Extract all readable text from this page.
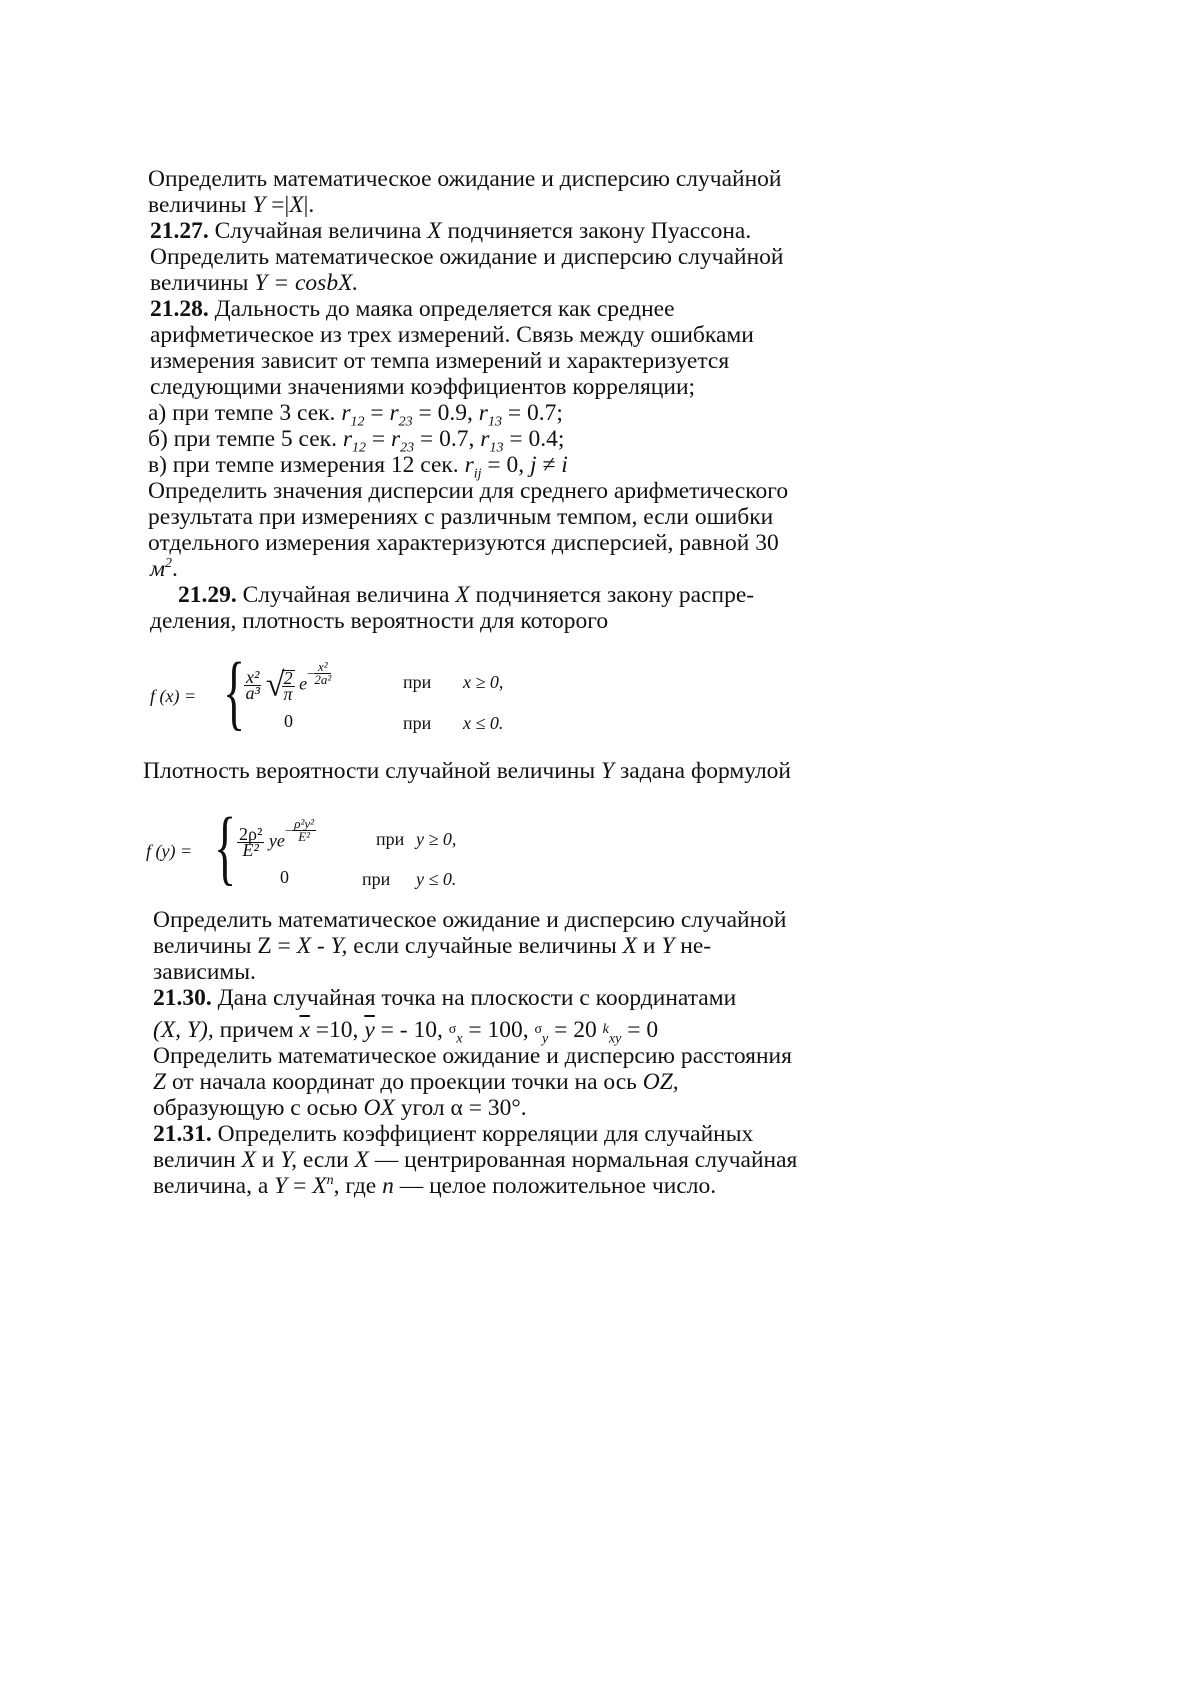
Определить математическое ожидание и дисперсию случайной
величины Y =|X|.
21.27. Случайная величина X подчиняется закону Пуассона.
Определить математическое ожидание и дисперсию случайной
величины Y = cosbX.
21.28. Дальность до маяка определяется как среднее
арифметическое из трех измерений. Связь между ошибками
измерения зависит от темпа измерений и характеризуется
следующими значениями коэффициентов корреляции;
а) при темпе 3 сек. $r_{12} = r_{23} = 0.9$, $r_{13} = 0.7$;
б) при темпе 5 сек. $r_{12} = r_{23} = 0.7$, $r_{13} = 0.4$;
в) при темпе измерения 12 сек. $r_{ij} = 0$, j ≠ i
Определить значения дисперсии для среднего арифметического
результата при измерениях с различным темпом, если ошибки
отдельного измерения характеризуются дисперсией, равной 30
$м^2$.
21.29. Случайная величина X подчиняется закону распре-
деления, плотность вероятности для которого
f (x) = {
$\frac{\text{x²}}{\text{a³}}$ √
$\frac{2}{\pi} e- \frac{\text{x²}}{\text{2a²}}$	при x ≥ 0,
0	при x ≤ 0.
Плотность вероятности случайной величины Y задана формулой
f (y) = { $\frac{\text{2ρ²}}{\text{E²}} ye- \frac{\text{ρ²y²}}{\text{E²}}$	при y ≥ 0,
0	при y ≤ 0.
Определить математическое ожидание и дисперсию случайной
величины Z = X - Y, если случайные величины X и Y не-
зависимы.
21.30. Дана случайная точка на плоскости с координатами
(X, Y), причем $\overline{x} =10$, $\overline{y}$ = - 10, $\sigma_x = 100$, $\sigma_y = 20$ $k_{xy} = 0$
Определить математическое ожидание и дисперсию расстояния
Z от начала координат до проекции точки на ось OZ,
образующую с осью OX угол α = 30°.
21.31. Определить коэффициент корреляции для случайных
величин X и Y, если X — центрированная нормальная случайная
величина, а $Y = X^n$, где n — целое положительное число.
